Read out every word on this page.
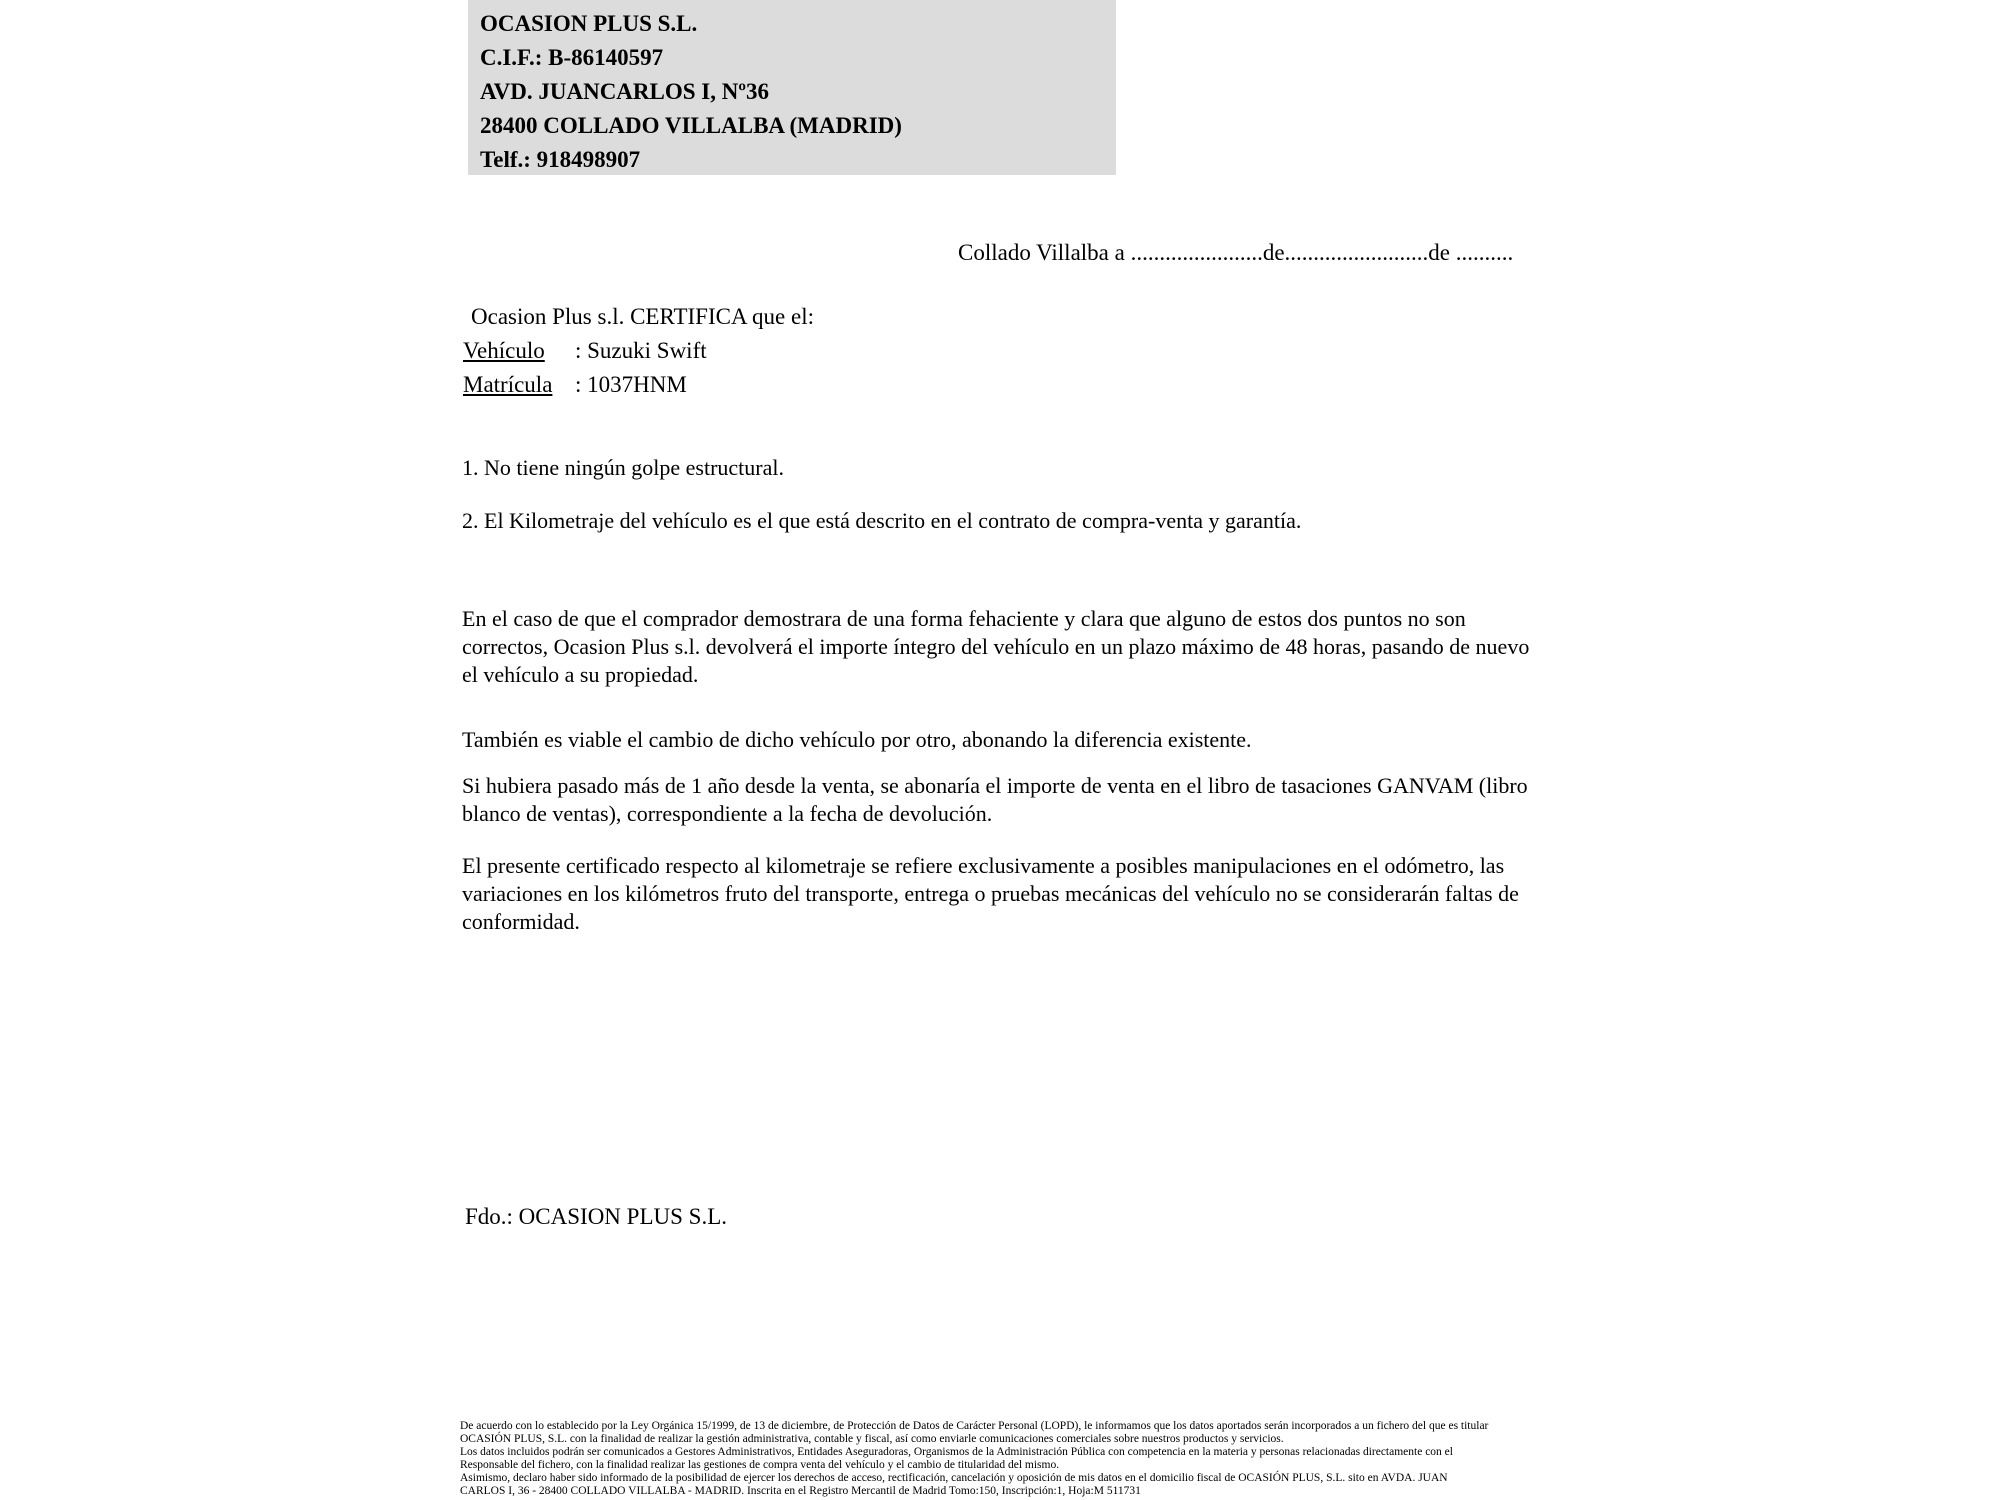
OCASION PLUS S.L.
C.I.F.: B-86140597
AVD. JUANCARLOS I, Nº36
28400 COLLADO VILLALBA (MADRID)
Telf.: 918498907
Collado Villalba a .......................de.........................de ..........
Ocasion Plus s.l. CERTIFICA que el:
Vehículo : Suzuki Swift
Matrícula : 1037HNM
1. No tiene ningún golpe estructural.
2. El Kilometraje del vehículo es el que está descrito en el contrato de compra-venta y garantía.
En el caso de que el comprador demostrara de una forma fehaciente y clara que alguno de estos dos puntos no son correctos, Ocasion Plus s.l. devolverá el importe íntegro del vehículo en un plazo máximo de 48 horas, pasando de nuevo el vehículo a su propiedad.
También es viable el cambio de dicho vehículo por otro, abonando la diferencia existente.
Si hubiera pasado más de 1 año desde la venta, se abonaría el importe de venta en el libro de tasaciones GANVAM (libro blanco de ventas), correspondiente a la fecha de devolución.
El presente certificado respecto al kilometraje se refiere exclusivamente a posibles manipulaciones en el odómetro, las variaciones en los kilómetros fruto del transporte, entrega o pruebas mecánicas del vehículo no se considerarán faltas de conformidad.
Fdo.: OCASION PLUS S.L.
De acuerdo con lo establecido por la Ley Orgánica 15/1999, de 13 de diciembre, de Protección de Datos de Carácter Personal (LOPD), le informamos que los datos aportados serán incorporados a un fichero del que es titular
OCASIÓN PLUS, S.L. con la finalidad de realizar la gestión administrativa, contable y fiscal, así como enviarle comunicaciones comerciales sobre nuestros productos y servicios.
Los datos incluidos podrán ser comunicados a Gestores Administrativos, Entidades Aseguradoras, Organismos de la Administración Pública con competencia en la materia y personas relacionadas directamente con el
Responsable del fichero, con la finalidad realizar las gestiones de compra venta del vehículo y el cambio de titularidad del mismo.
Asimismo, declaro haber sido informado de la posibilidad de ejercer los derechos de acceso, rectificación, cancelación y oposición de mis datos en el domicilio fiscal de OCASIÓN PLUS, S.L. sito en AVDA. JUAN
CARLOS I, 36 - 28400 COLLADO VILLALBA - MADRID. Inscrita en el Registro Mercantil de Madrid Tomo:150, Inscripción:1, Hoja:M 511731
